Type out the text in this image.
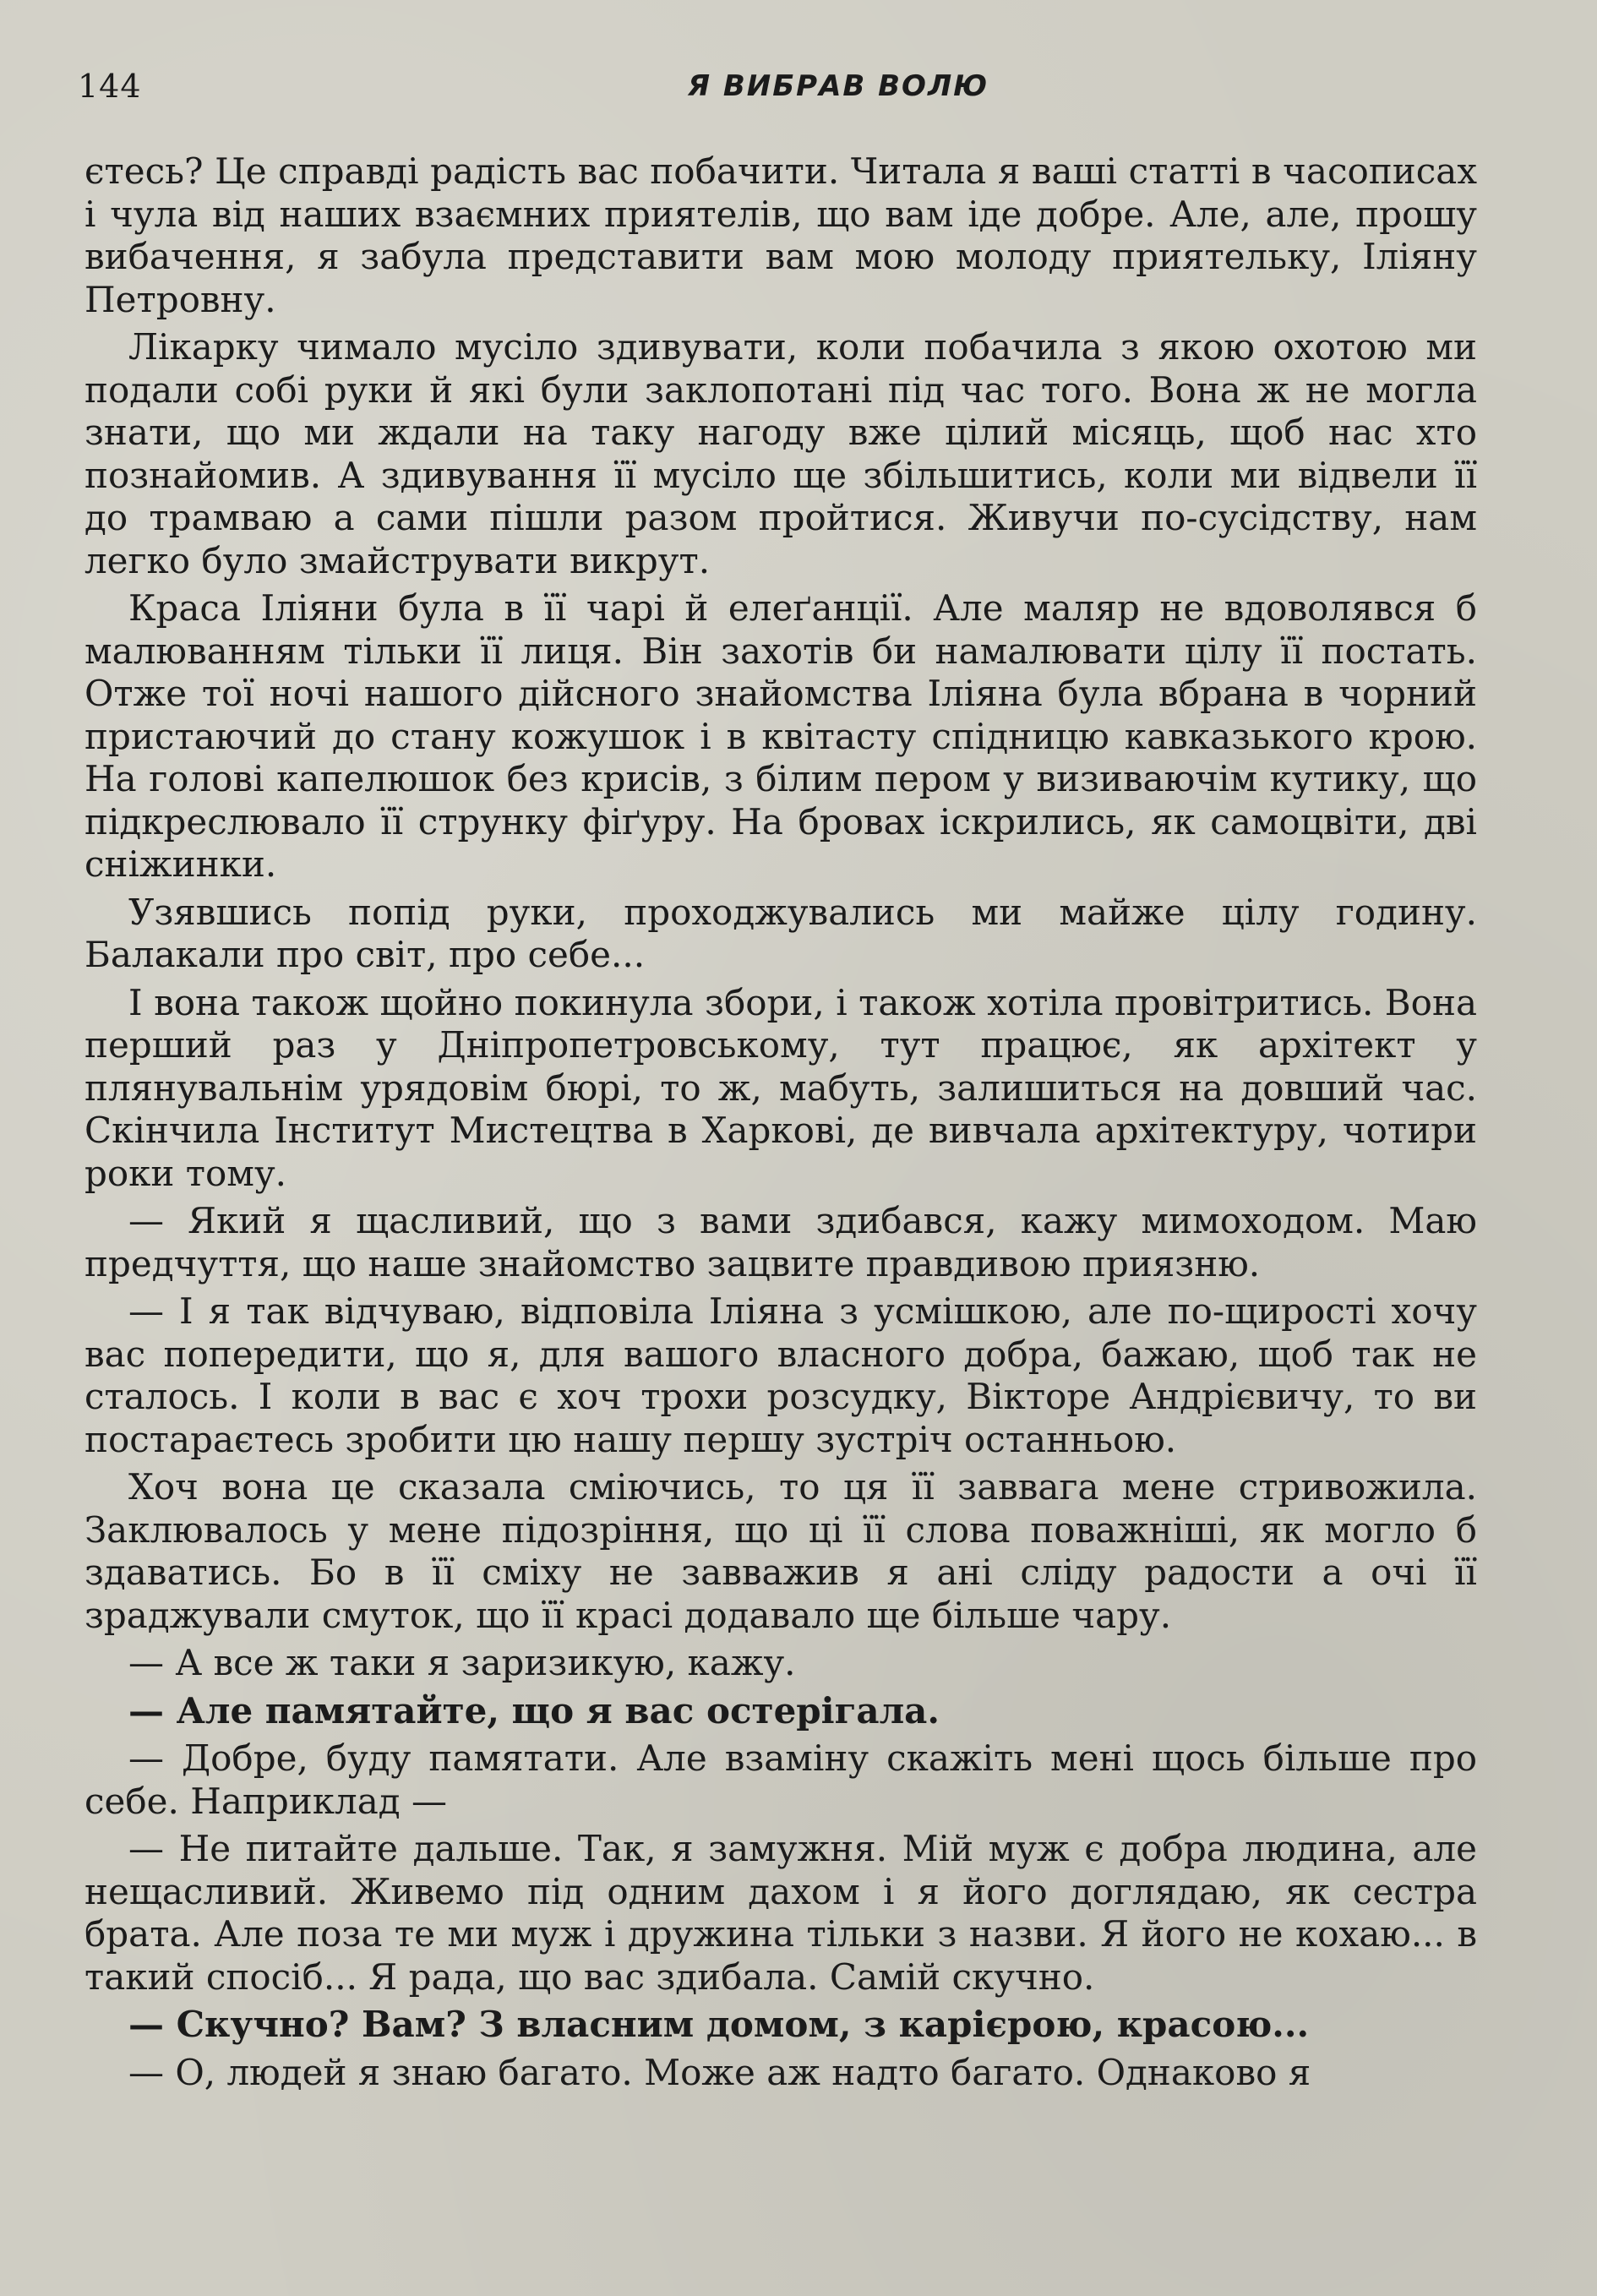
144	Я ВИБРАВ ВОЛЮ

єтесь? Це справді радість вас побачити. Читала я ваші статті в часописах і чула від наших взаємних приятелів, що вам іде добре. Але, але, прошу вибачення, я забула представити вам мою молоду приятельку, Іліяну Петровну.

Лікарку чимало мусіло здивувати, коли побачила з якою охотою ми подали собі руки й які були заклопотані під час того. Вона ж не могла знати, що ми ждали на таку нагоду вже цілий місяць, щоб нас хто познайомив. А здивування її мусіло ще збільшитись, коли ми відвели її до трамваю а сами пішли разом пройтися. Живучи по-сусідству, нам легко було змайструвати викрут.

Краса Іліяни була в її чарі й елеґанції. Але маляр не вдоволявся б малюванням тільки її лиця. Він захотів би намалювати цілу її постать. Отже тої ночі нашого дійсного знайомства Іліяна була вбрана в чорний пристаючий до стану кожушок і в квітасту спідницю кавказького крою. На голові капелюшок без крисів, з білим пером у визиваючім кутику, що підкреслювало її струнку фіґуру. На бровах іскрились, як самоцвіти, дві сніжинки.

Узявшись попід руки, проходжувались ми майже цілу годину. Балакали про світ, про себе...

І вона також щойно покинула збори, і також хотіла провітритись. Вона перший раз у Дніпропетровському, тут працює, як архітект у плянувальнім урядовім бюрі, то ж, мабуть, залишиться на довший час. Скінчила Інститут Мистецтва в Харкові, де вивчала архітектуру, чотири роки тому.

— Який я щасливий, що з вами здибався, кажу мимоходом. Маю предчуття, що наше знайомство зацвите правдивою приязню.

— І я так відчуваю, відповіла Іліяна з усмішкою, але по-щирості хочу вас попередити, що я, для вашого власного добра, бажаю, щоб так не сталось. І коли в вас є хоч трохи розсудку, Вікторе Андрієвичу, то ви постараєтесь зробити цю нашу першу зустріч останньою.

Хоч вона це сказала сміючись, то ця її заввага мене стривожила. Заклювалось у мене підозріння, що ці її слова поважніші, як могло б здаватись. Бо в її сміху не завважив я ані сліду радости а очі її зраджували смуток, що її красі додавало ще більше чару.

— А все ж таки я заризикую, кажу.

— Але памятайте, що я вас остерігала.

— Добре, буду памятати. Але взаміну скажіть мені щось більше про себе. Наприклад —

— Не питайте дальше. Так, я замужня. Мій муж є добра людина, але нещасливий. Живемо під одним дахом і я його доглядаю, як сестра брата. Але поза те ми муж і дружина тільки з назви. Я його не кохаю... в такий спосіб... Я рада, що вас здибала. Самій скучно.

— Скучно? Вам? З власним домом, з карієрою, красою...

— О, людей я знаю багато. Може аж надто багато. Однаково я
